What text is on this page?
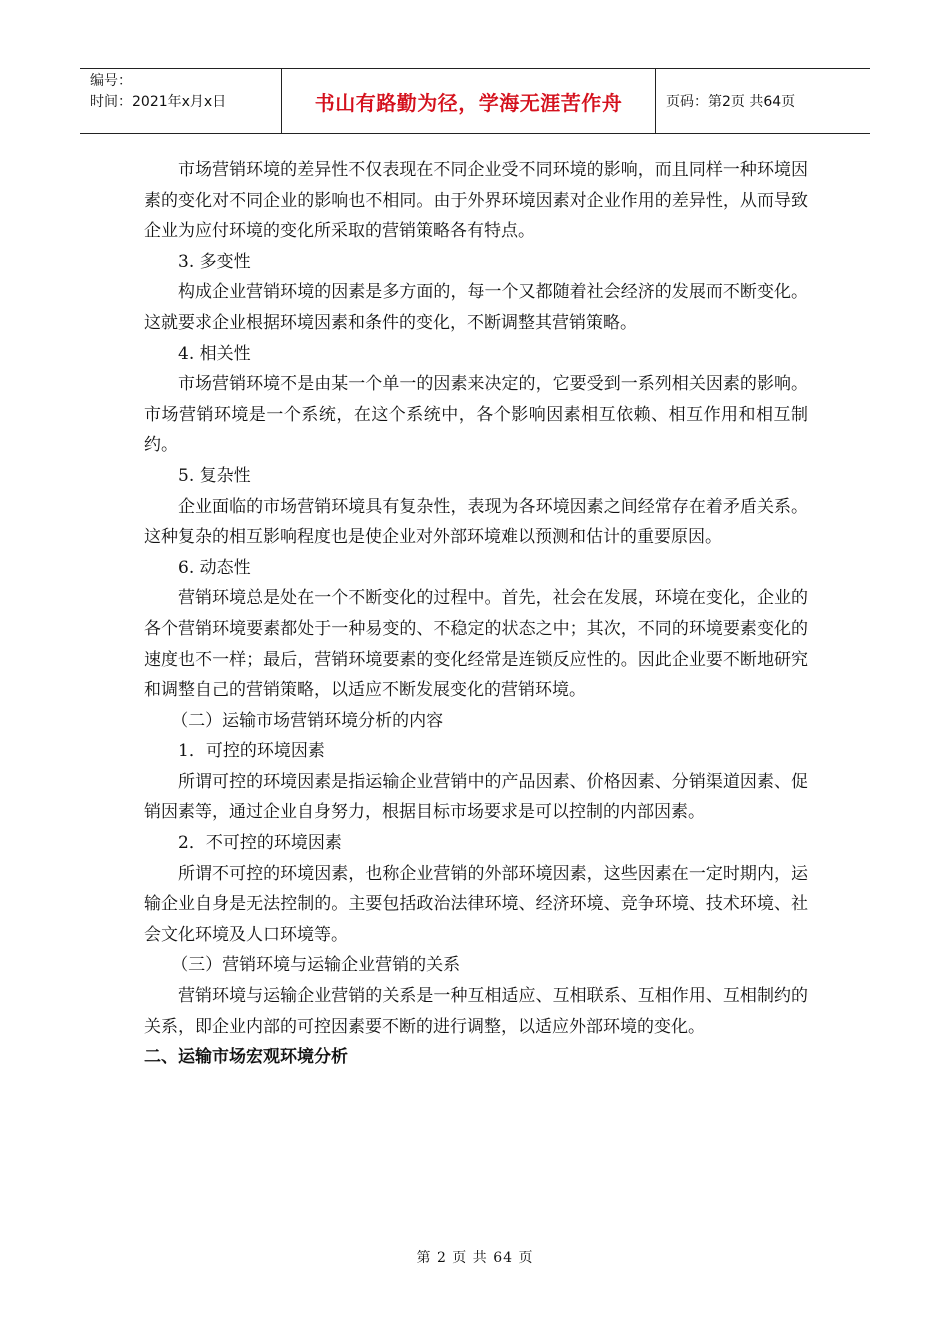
编号：
时间：2021年x月x日	书山有路勤为径，学海无涯苦作舟	页码：第2页 共64页

市场营销环境的差异性不仅表现在不同企业受不同环境的影响，而且同样一种环境因素的变化对不同企业的影响也不相同。由于外界环境因素对企业作用的差异性，从而导致企业为应付环境的变化所采取的营销策略各有特点。

3. 多变性

构成企业营销环境的因素是多方面的，每一个又都随着社会经济的发展而不断变化。这就要求企业根据环境因素和条件的变化，不断调整其营销策略。

4. 相关性

市场营销环境不是由某一个单一的因素来决定的，它要受到一系列相关因素的影响。市场营销环境是一个系统，在这个系统中，各个影响因素相互依赖、相互作用和相互制约。

5. 复杂性

企业面临的市场营销环境具有复杂性，表现为各环境因素之间经常存在着矛盾关系。这种复杂的相互影响程度也是使企业对外部环境难以预测和估计的重要原因。

6. 动态性

营销环境总是处在一个不断变化的过程中。首先，社会在发展，环境在变化，企业的各个营销环境要素都处于一种易变的、不稳定的状态之中；其次，不同的环境要素变化的速度也不一样；最后，营销环境要素的变化经常是连锁反应性的。因此企业要不断地研究和调整自己的营销策略，以适应不断发展变化的营销环境。

（二）运输市场营销环境分析的内容

1．可控的环境因素

所谓可控的环境因素是指运输企业营销中的产品因素、价格因素、分销渠道因素、促销因素等，通过企业自身努力，根据目标市场要求是可以控制的内部因素。

2．不可控的环境因素

所谓不可控的环境因素，也称企业营销的外部环境因素，这些因素在一定时期内，运输企业自身是无法控制的。主要包括政治法律环境、经济环境、竞争环境、技术环境、社会文化环境及人口环境等。

（三）营销环境与运输企业营销的关系

营销环境与运输企业营销的关系是一种互相适应、互相联系、互相作用、互相制约的关系，即企业内部的可控因素要不断的进行调整，以适应外部环境的变化。

二、运输市场宏观环境分析

第 2 页 共 64 页
